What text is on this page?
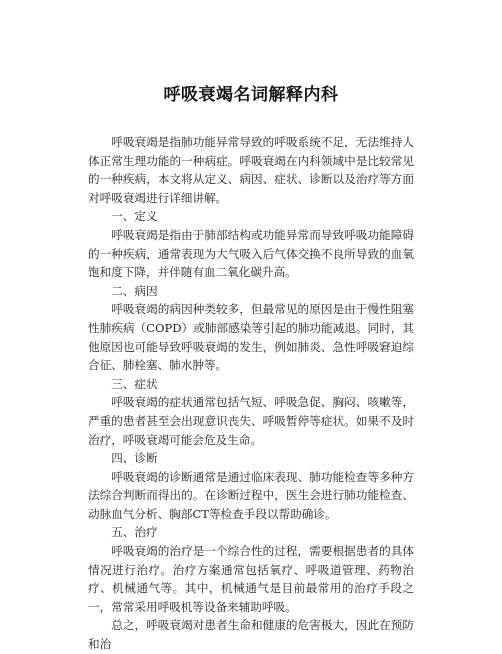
呼吸衰竭名词解释内科

呼吸衰竭是指肺功能异常导致的呼吸系统不足，无法维持人体正常生理功能的一种病症。呼吸衰竭在内科领域中是比较常见的一种疾病，本文将从定义、病因、症状、诊断以及治疗等方面对呼吸衰竭进行详细讲解。

一、定义

呼吸衰竭是指由于肺部结构或功能异常而导致呼吸功能障碍的一种疾病，通常表现为大气吸入后气体交换不良所导致的血氧饱和度下降，并伴随有血二氧化碳升高。

二、病因

呼吸衰竭的病因种类较多，但最常见的原因是由于慢性阻塞性肺疾病（COPD）或肺部感染等引起的肺功能减退。同时，其他原因也可能导致呼吸衰竭的发生，例如肺炎、急性呼吸窘迫综合征、肺栓塞、肺水肿等。

三、症状

呼吸衰竭的症状通常包括气短、呼吸急促、胸闷、咳嗽等，严重的患者甚至会出现意识丧失、呼吸暂停等症状。如果不及时治疗，呼吸衰竭可能会危及生命。

四、诊断

呼吸衰竭的诊断通常是通过临床表现、肺功能检查等多种方法综合判断而得出的。在诊断过程中，医生会进行肺功能检查、动脉血气分析、胸部CT等检查手段以帮助确诊。

五、治疗

呼吸衰竭的治疗是一个综合性的过程，需要根据患者的具体情况进行治疗。治疗方案通常包括氧疗、呼吸道管理、药物治疗、机械通气等。其中，机械通气是目前最常用的治疗手段之一，常常采用呼吸机等设备来辅助呼吸。

总之，呼吸衰竭对患者生命和健康的危害极大，因此在预防和治
